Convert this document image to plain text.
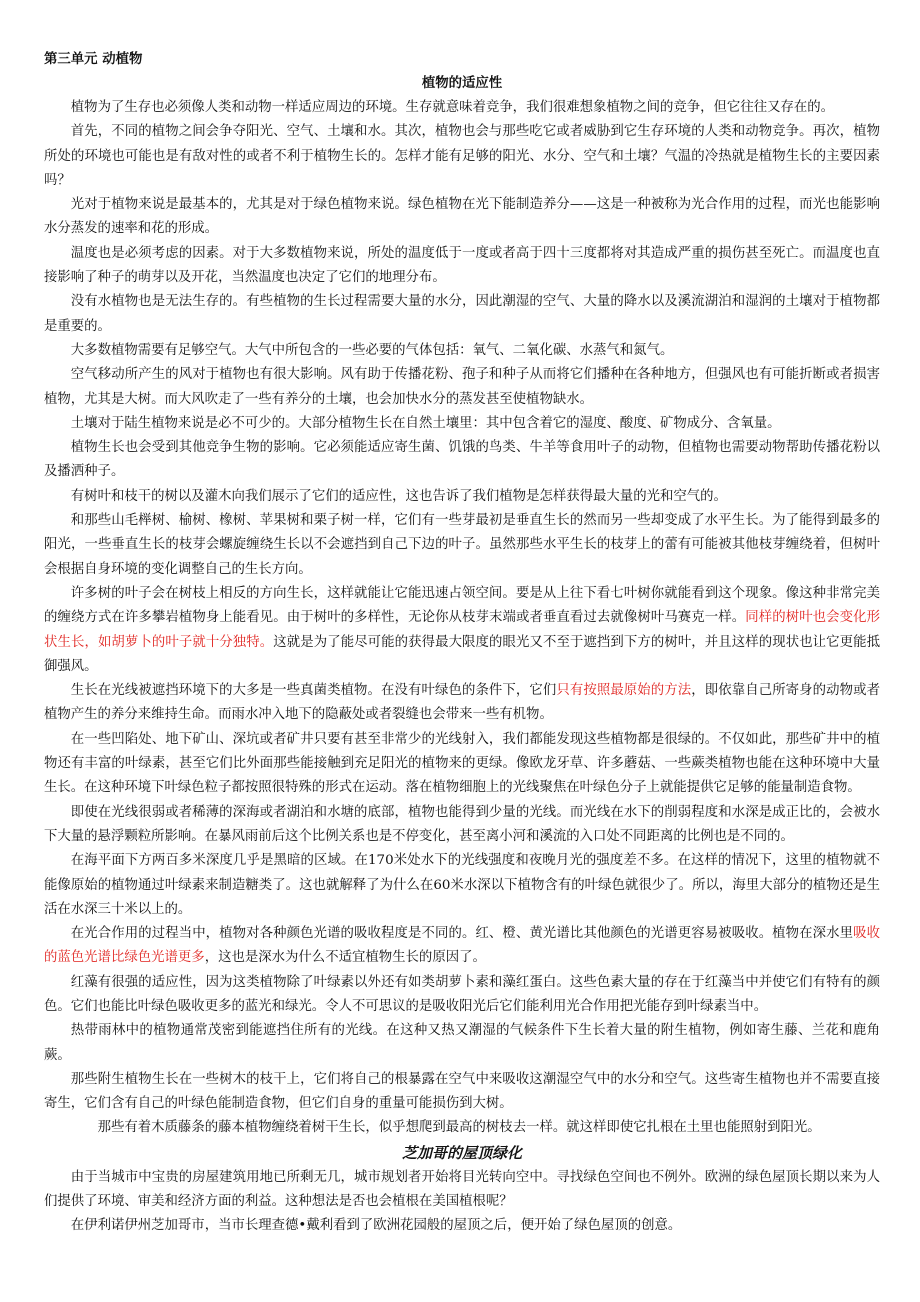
第三单元 动植物
植物的适应性

植物为了生存也必须像人类和动物一样适应周边的环境。生存就意味着竞争，我们很难想象植物之间的竞争，但它往往又存在的。

首先，不同的植物之间会争夺阳光、空气、土壤和水。其次，植物也会与那些吃它或者威胁到它生存环境的人类和动物竞争。再次，植物所处的环境也可能也是有敌对性的或者不利于植物生长的。怎样才能有足够的阳光、水分、空气和土壤？气温的冷热就是植物生长的主要因素吗？

光对于植物来说是最基本的，尤其是对于绿色植物来说。绿色植物在光下能制造养分——这是一种被称为光合作用的过程，而光也能影响水分蒸发的速率和花的形成。

温度也是必须考虑的因素。对于大多数植物来说，所处的温度低于一度或者高于四十三度都将对其造成严重的损伤甚至死亡。而温度也直接影响了种子的萌芽以及开花，当然温度也决定了它们的地理分布。

没有水植物也是无法生存的。有些植物的生长过程需要大量的水分，因此潮湿的空气、大量的降水以及溪流湖泊和湿润的土壤对于植物都是重要的。

大多数植物需要有足够空气。大气中所包含的一些必要的气体包括：氧气、二氧化碳、水蒸气和氮气。

空气移动所产生的风对于植物也有很大影响。风有助于传播花粉、孢子和种子从而将它们播种在各种地方，但强风也有可能折断或者损害植物，尤其是大树。而大风吹走了一些有养分的土壤，也会加快水分的蒸发甚至使植物缺水。

土壤对于陆生植物来说是必不可少的。大部分植物生长在自然土壤里：其中包含着它的湿度、酸度、矿物成分、含氧量。

植物生长也会受到其他竞争生物的影响。它必须能适应寄生菌、饥饿的鸟类、牛羊等食用叶子的动物，但植物也需要动物帮助传播花粉以及播洒种子。

有树叶和枝干的树以及灌木向我们展示了它们的适应性，这也告诉了我们植物是怎样获得最大量的光和空气的。

和那些山毛榉树、榆树、橡树、苹果树和栗子树一样，它们有一些芽最初是垂直生长的然而另一些却变成了水平生长。为了能得到最多的阳光，一些垂直生长的枝芽会螺旋缠绕生长以不会遮挡到自己下边的叶子。虽然那些水平生长的枝芽上的蕾有可能被其他枝芽缠绕着，但树叶会根据自身环境的变化调整自己的生长方向。

许多树的叶子会在树枝上相反的方向生长，这样就能让它能迅速占领空间。要是从上往下看七叶树你就能看到这个现象。像这种非常完美的缠绕方式在许多攀岩植物身上能看见。由于树叶的多样性，无论你从枝芽末端或者垂直看过去就像树叶马赛克一样。同样的树叶也会变化形状生长，如胡萝卜的叶子就十分独特。这就是为了能尽可能的获得最大限度的眼光又不至于遮挡到下方的树叶，并且这样的现状也让它更能抵御强风。

生长在光线被遮挡环境下的大多是一些真菌类植物。在没有叶绿色的条件下，它们只有按照最原始的方法，即依靠自己所寄身的动物或者植物产生的养分来维持生命。而雨水冲入地下的隐蔽处或者裂缝也会带来一些有机物。

在一些凹陷处、地下矿山、深坑或者矿井只要有甚至非常少的光线射入，我们都能发现这些植物都是很绿的。不仅如此，那些矿井中的植物还有丰富的叶绿素，甚至它们比外面那些能接触到充足阳光的植物来的更绿。像欧龙牙草、许多蘑菇、一些蕨类植物也能在这种环境中大量生长。在这种环境下叶绿色粒子都按照很特殊的形式在运动。落在植物细胞上的光线聚焦在叶绿色分子上就能提供它足够的能量制造食物。

即使在光线很弱或者稀薄的深海或者湖泊和水塘的底部，植物也能得到少量的光线。而光线在水下的削弱程度和水深是成正比的，会被水下大量的悬浮颗粒所影响。在暴风雨前后这个比例关系也是不停变化，甚至离小河和溪流的入口处不同距离的比例也是不同的。

在海平面下方两百多米深度几乎是黑暗的区域。在170米处水下的光线强度和夜晚月光的强度差不多。在这样的情况下，这里的植物就不能像原始的植物通过叶绿素来制造糖类了。这也就解释了为什么在60米水深以下植物含有的叶绿色就很少了。所以，海里大部分的植物还是生活在水深三十米以上的。

在光合作用的过程当中，植物对各种颜色光谱的吸收程度是不同的。红、橙、黄光谱比其他颜色的光谱更容易被吸收。植物在深水里吸收的蓝色光谱比绿色光谱更多，这也是深水为什么不适宜植物生长的原因了。

红藻有很强的适应性，因为这类植物除了叶绿素以外还有如类胡萝卜素和藻红蛋白。这些色素大量的存在于红藻当中并使它们有特有的颜色。它们也能比叶绿色吸收更多的蓝光和绿光。令人不可思议的是吸收阳光后它们能利用光合作用把光能存到叶绿素当中。

热带雨林中的植物通常茂密到能遮挡住所有的光线。在这种又热又潮湿的气候条件下生长着大量的附生植物，例如寄生藤、兰花和鹿角蕨。

那些附生植物生长在一些树木的枝干上，它们将自己的根暴露在空气中来吸收这潮湿空气中的水分和空气。这些寄生植物也并不需要直接寄生，它们含有自己的叶绿色能制造食物，但它们自身的重量可能损伤到大树。

那些有着木质藤条的藤本植物缠绕着树干生长，似乎想爬到最高的树枝去一样。就这样即使它扎根在土里也能照射到阳光。

芝加哥的屋顶绿化

由于当城市中宝贵的房屋建筑用地已所剩无几，城市规划者开始将目光转向空中。寻找绿色空间也不例外。欧洲的绿色屋顶长期以来为人们提供了环境、审美和经济方面的利益。这种想法是否也会植根在美国植根呢？

在伊利诺伊州芝加哥市，当市长理查德•戴利看到了欧洲花园般的屋顶之后，便开始了绿色屋顶的创意。
